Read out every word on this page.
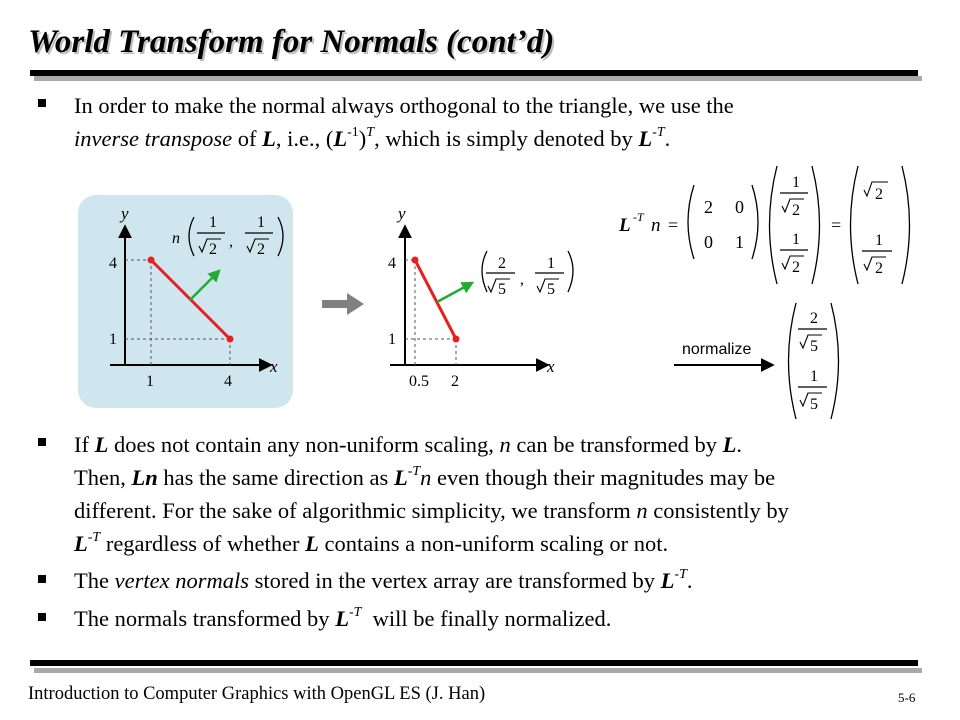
World Transform for Normals (cont’d)
In order to make the normal always orthogonal to the triangle, we use the
inverse transpose of L, i.e., $(L^{-1})^T$, which is simply denoted by $L^{-T}$.
y
x
4
1
1	4
n
1
2 ,
1
2
y
x
4
1
0.5 2
2
5
,
1
5
L -T n =
2 0
0 1
1
2
1
2
=
2
1
2
normalize
2
5
1
5
If L does not contain any non-uniform scaling, n can be transformed by L.
Then, Ln has the same direction as $L^{-T}n$ even though their magnitudes may be
different. For the sake of algorithmic simplicity, we transform n consistently by
$L^{-T}$ regardless of whether L contains a non-uniform scaling or not.
The vertex normals stored in the vertex array are transformed by $L^{-T}$.
The normals transformed by $L^{-T}$  will be finally normalized.
Introduction to Computer Graphics with OpenGL ES (J. Han)	5-6
